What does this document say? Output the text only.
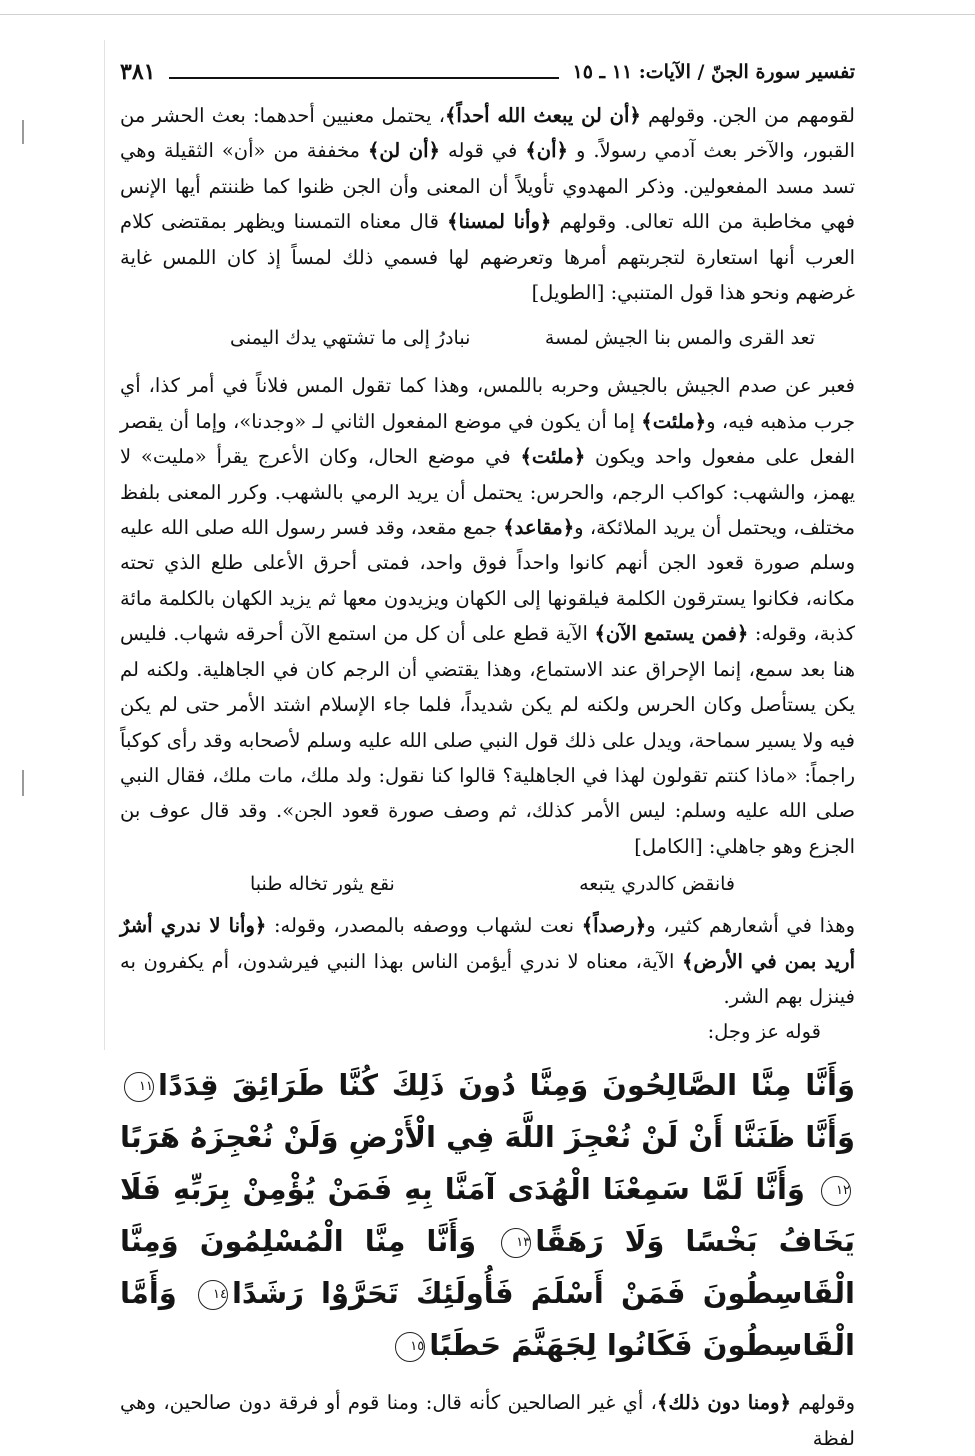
تفسير سورة الجنّ / الآيات: ١١ ـ ١٥
٣٨١

لقومهم من الجن. وقولهم ﴿أن لن يبعث الله أحداً﴾، يحتمل معنيين أحدهما: بعث الحشر من القبور، والآخر بعث آدمي رسولاً. و ﴿أن﴾ في قوله ﴿أن لن﴾ مخففة من «أن» الثقيلة وهي تسد مسد المفعولين. وذكر المهدوي تأويلاً أن المعنى وأن الجن ظنوا كما ظننتم أيها الإنس فهي مخاطبة من الله تعالى. وقولهم ﴿وأنا لمسنا﴾ قال معناه التمسنا ويظهر بمقتضى كلام العرب أنها استعارة لتجربتهم أمرها وتعرضهم لها فسمي ذلك لمساً إذ كان اللمس غاية غرضهم ونحو هذا قول المتنبي: [الطويل]

تعد القرى والمس بنا الجيش لمسة
نبادرُ إلى ما تشتهي يدك اليمنى

فعبر عن صدم الجيش بالجيش وحربه باللمس، وهذا كما تقول المس فلاناً في أمر كذا، أي جرب مذهبه فيه، و﴿ملئت﴾ إما أن يكون في موضع المفعول الثاني لـ «وجدنا»، وإما أن يقصر الفعل على مفعول واحد ويكون ﴿ملئت﴾ في موضع الحال، وكان الأعرج يقرأ «مليت» لا يهمز، والشهب: كواكب الرجم، والحرس: يحتمل أن يريد الرمي بالشهب. وكرر المعنى بلفظ مختلف، ويحتمل أن يريد الملائكة، و﴿مقاعد﴾ جمع مقعد، وقد فسر رسول الله صلى الله عليه وسلم صورة قعود الجن أنهم كانوا واحداً فوق واحد، فمتى أحرق الأعلى طلع الذي تحته مكانه، فكانوا يسترقون الكلمة فيلقونها إلى الكهان ويزيدون معها ثم يزيد الكهان بالكلمة مائة كذبة، وقوله: ﴿فمن يستمع الآن﴾ الآية قطع على أن كل من استمع الآن أحرقه شهاب. فليس هنا بعد سمع، إنما الإحراق عند الاستماع، وهذا يقتضي أن الرجم كان في الجاهلية. ولكنه لم يكن يستأصل وكان الحرس ولكنه لم يكن شديداً، فلما جاء الإسلام اشتد الأمر حتى لم يكن فيه ولا يسير سماحة، ويدل على ذلك قول النبي صلى الله عليه وسلم لأصحابه وقد رأى كوكباً راجماً: «ماذا كنتم تقولون لهذا في الجاهلية؟ قالوا كنا نقول: ولد ملك، مات ملك، فقال النبي صلى الله عليه وسلم: ليس الأمر كذلك، ثم وصف صورة قعود الجن». وقد قال عوف بن الجزع وهو جاهلي: [الكامل]

فانقض كالدري يتبعه
نقع يثور تخاله طنبا

وهذا في أشعارهم كثير، و﴿رصداً﴾ نعت لشهاب ووصفه بالمصدر، وقوله: ﴿وأنا لا ندري أشرٌ أريد بمن في الأرض﴾ الآية، معناه لا ندري أيؤمن الناس بهذا النبي فيرشدون، أم يكفرون به فينزل بهم الشر.

قوله عز وجل:

وَأَنَّا مِنَّا الصَّالِحُونَ وَمِنَّا دُونَ ذَلِكَ كُنَّا طَرَائِقَ قِدَدًا١١ وَأَنَّا ظَنَنَّا أَنْ لَنْ نُعْجِزَ اللَّهَ فِي الْأَرْضِ وَلَنْ نُعْجِزَهُ هَرَبًا١٢ وَأَنَّا لَمَّا سَمِعْنَا الْهُدَى آمَنَّا بِهِ فَمَنْ يُؤْمِنْ بِرَبِّهِ فَلَا يَخَافُ بَخْسًا وَلَا رَهَقًا١٣ وَأَنَّا مِنَّا الْمُسْلِمُونَ وَمِنَّا الْقَاسِطُونَ فَمَنْ أَسْلَمَ فَأُولَئِكَ تَحَرَّوْا رَشَدًا١٤ وَأَمَّا الْقَاسِطُونَ فَكَانُوا لِجَهَنَّمَ حَطَبًا١٥

وقولهم ﴿ومنا دون ذلك﴾، أي غير الصالحين كأنه قال: ومنا قوم أو فرقة دون صالحين، وهي لفظة
